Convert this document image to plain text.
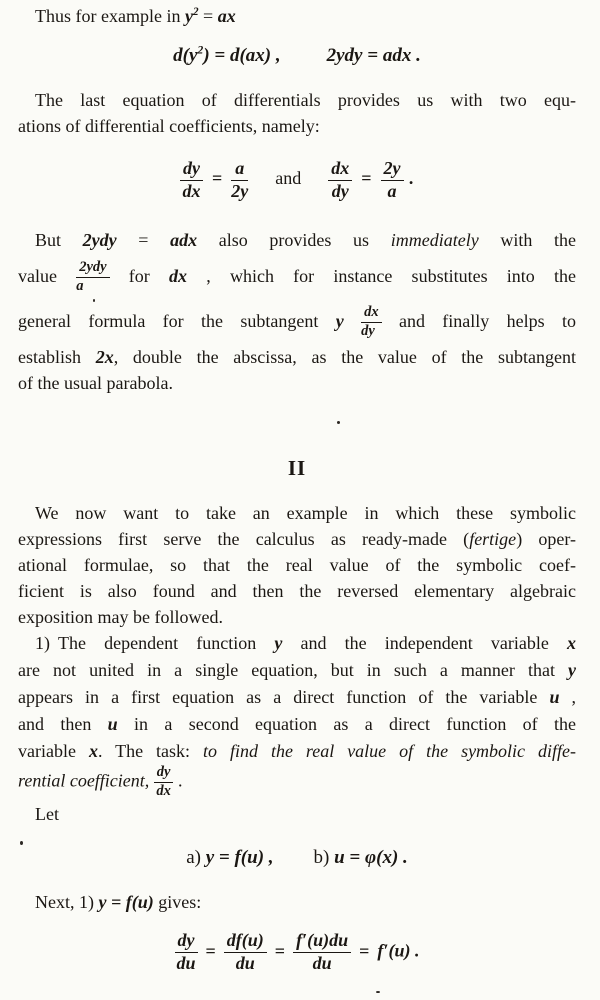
Thus for example in $y^2$ = ax
$d(y^2) = d(ax)$ , 2ydy = adx .
The last equation of differentials provides us with two equ-
ations of differential coefficients, namely:
$\frac{dy}{dx} = \frac{a}{2y}$ and $\frac{dx}{dy} = \frac{2y}{a}$ .
But 2ydy = adx also provides us immediately with the
value $\frac{\text{2ydy}}{a}$ for dx , which for instance substitutes into the
general formula for the subtangent y $\frac{dx}{dy}$ and finally helps to
establish 2x, double the abscissa, as the value of the subtangent
of the usual parabola.
II
We now want to take an example in which these symbolic
expressions first serve the calculus as ready-made (fertige) oper-
ational formulae, so that the real value of the symbolic coef-
ficient is also found and then the reversed elementary algebraic
exposition may be followed.
1) The dependent function y and the independent variable x
are not united in a single equation, but in such a manner that y
appears in a first equation as a direct function of the variable u ,
and then u in a second equation as a direct function of the
variable x. The task: to find the real value of the symbolic diffe-
rential coefficient, $\frac{dy}{dx}$ .
Let
a) y = f(u) , b) u = φ(x) .
Next, 1) y = f(u) gives:
$\frac{dy}{du} = \frac{df(u)}{du} = \frac{f'(u)du}{du} = f'(u)$ .
